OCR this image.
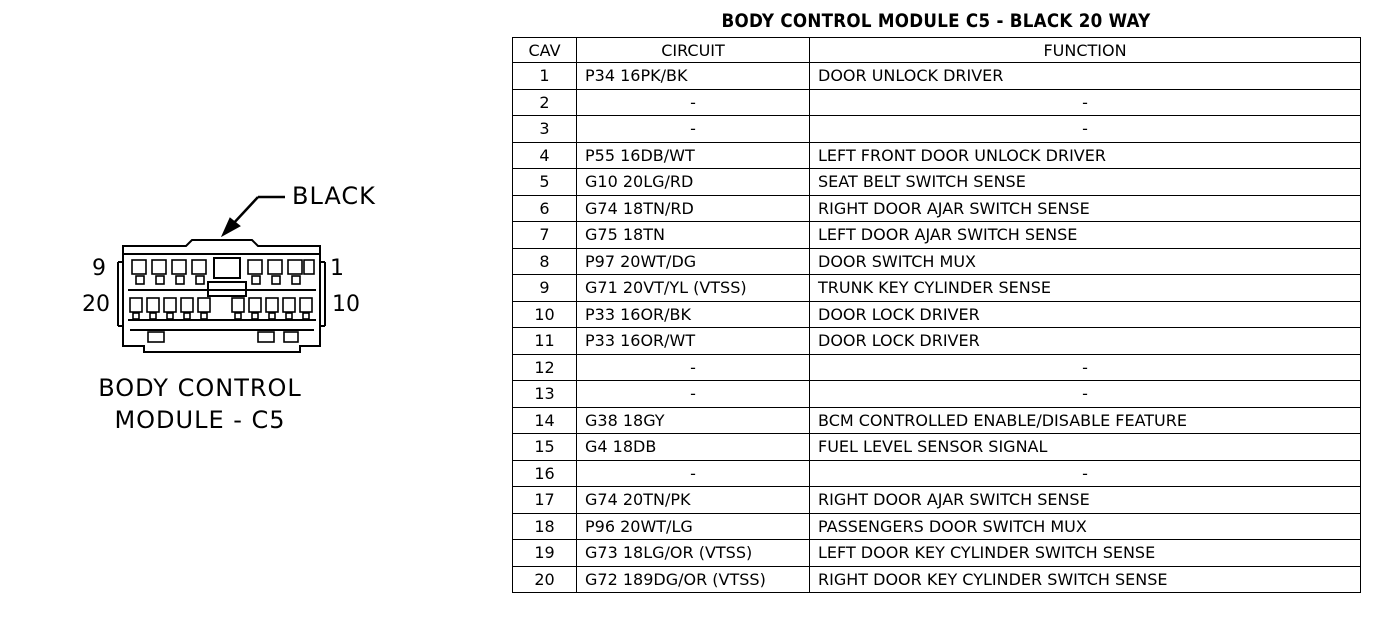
BLACK
9	1
20	10
BODY CONTROL
MODULE - C5
BODY CONTROL MODULE C5 - BLACK 20 WAY
CAV	CIRCUIT	FUNCTION
1	P34 16PK/BK	DOOR UNLOCK DRIVER
2	-	-
3	-	-
4	P55 16DB/WT	LEFT FRONT DOOR UNLOCK DRIVER
5	G10 20LG/RD	SEAT BELT SWITCH SENSE
6	G74 18TN/RD	RIGHT DOOR AJAR SWITCH SENSE
7	G75 18TN	LEFT DOOR AJAR SWITCH SENSE
8	P97 20WT/DG	DOOR SWITCH MUX
9	G71 20VT/YL (VTSS)	TRUNK KEY CYLINDER SENSE
10	P33 16OR/BK	DOOR LOCK DRIVER
11	P33 16OR/WT	DOOR LOCK DRIVER
12	-	-
13	-	-
14	G38 18GY	BCM CONTROLLED ENABLE/DISABLE FEATURE
15	G4 18DB	FUEL LEVEL SENSOR SIGNAL
16	-	-
17	G74 20TN/PK	RIGHT DOOR AJAR SWITCH SENSE
18	P96 20WT/LG	PASSENGERS DOOR SWITCH MUX
19	G73 18LG/OR (VTSS)	LEFT DOOR KEY CYLINDER SWITCH SENSE
20	G72 189DG/OR (VTSS)	RIGHT DOOR KEY CYLINDER SWITCH SENSE
